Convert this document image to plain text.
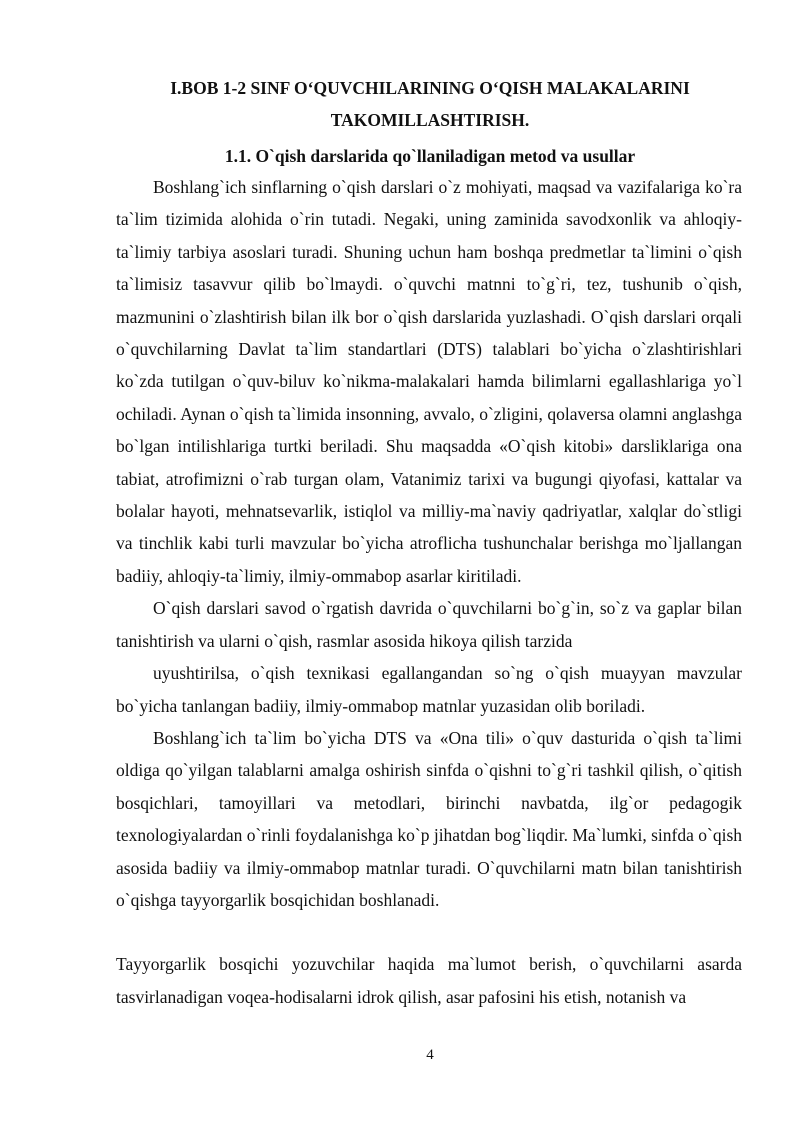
I.BOB 1-2 SINF O‘QUVCHILARINING O‘QISH MALAKALARINI

TAKOMILLASHTIRISH.

1.1. O`qish darslarida qo`llaniladigan metod va usullar

Boshlang`ich sinflarning o`qish darslari o`z mohiyati, maqsad va vazifalariga ko`ra ta`lim tizimida alohida o`rin tutadi. Negaki, uning zaminida savodxonlik va ahloqiy-ta`limiy tarbiya asoslari turadi. Shuning uchun ham boshqa predmetlar ta`limini o`qish ta`limisiz tasavvur qilib bo`lmaydi. o`quvchi matnni to`g`ri, tez, tushunib o`qish, mazmunini o`zlashtirish bilan ilk bor o`qish darslarida yuzlashadi. O`qish darslari orqali o`quvchilarning Davlat ta`lim standartlari (DTS) talablari bo`yicha o`zlashtirishlari ko`zda tutilgan o`quv-biluv ko`nikma-malakalari hamda bilimlarni egallashlariga yo`l ochiladi. Aynan o`qish ta`limida insonning, avvalo, o`zligini, qolaversa olamni anglashga bo`lgan intilishlariga turtki beriladi. Shu maqsadda «O`qish kitobi» darsliklariga ona tabiat, atrofimizni o`rab turgan olam, Vatanimiz tarixi va bugungi qiyofasi, kattalar va bolalar hayoti, mehnatsevarlik, istiqlol va milliy-ma`naviy qadriyatlar, xalqlar do`stligi va tinchlik kabi turli mavzular bo`yicha atroflicha tushunchalar berishga mo`ljallangan badiiy, ahloqiy-ta`limiy, ilmiy-ommabop asarlar kiritiladi.

O`qish darslari savod o`rgatish davrida o`quvchilarni bo`g`in, so`z va gaplar bilan tanishtirish va ularni o`qish, rasmlar asosida hikoya qilish tarzida

uyushtirilsa, o`qish texnikasi egallangandan so`ng o`qish muayyan mavzular bo`yicha tanlangan badiiy, ilmiy-ommabop matnlar yuzasidan olib boriladi.

Boshlang`ich ta`lim bo`yicha DTS va «Ona tili» o`quv dasturida o`qish ta`limi oldiga qo`yilgan talablarni amalga oshirish sinfda o`qishni to`g`ri tashkil qilish, o`qitish bosqichlari, tamoyillari va metodlari, birinchi navbatda, ilg`or pedagogik texnologiyalardan o`rinli foydalanishga ko`p jihatdan bog`liqdir. Ma`lumki, sinfda o`qish asosida badiiy va ilmiy-ommabop matnlar turadi. O`quvchilarni matn bilan tanishtirish o`qishga tayyorgarlik bosqichidan boshlanadi.

Tayyorgarlik bosqichi yozuvchilar haqida ma`lumot berish, o`quvchilarni asarda tasvirlanadigan voqea-hodisalarni idrok qilish, asar pafosini his etish, notanish va

4
